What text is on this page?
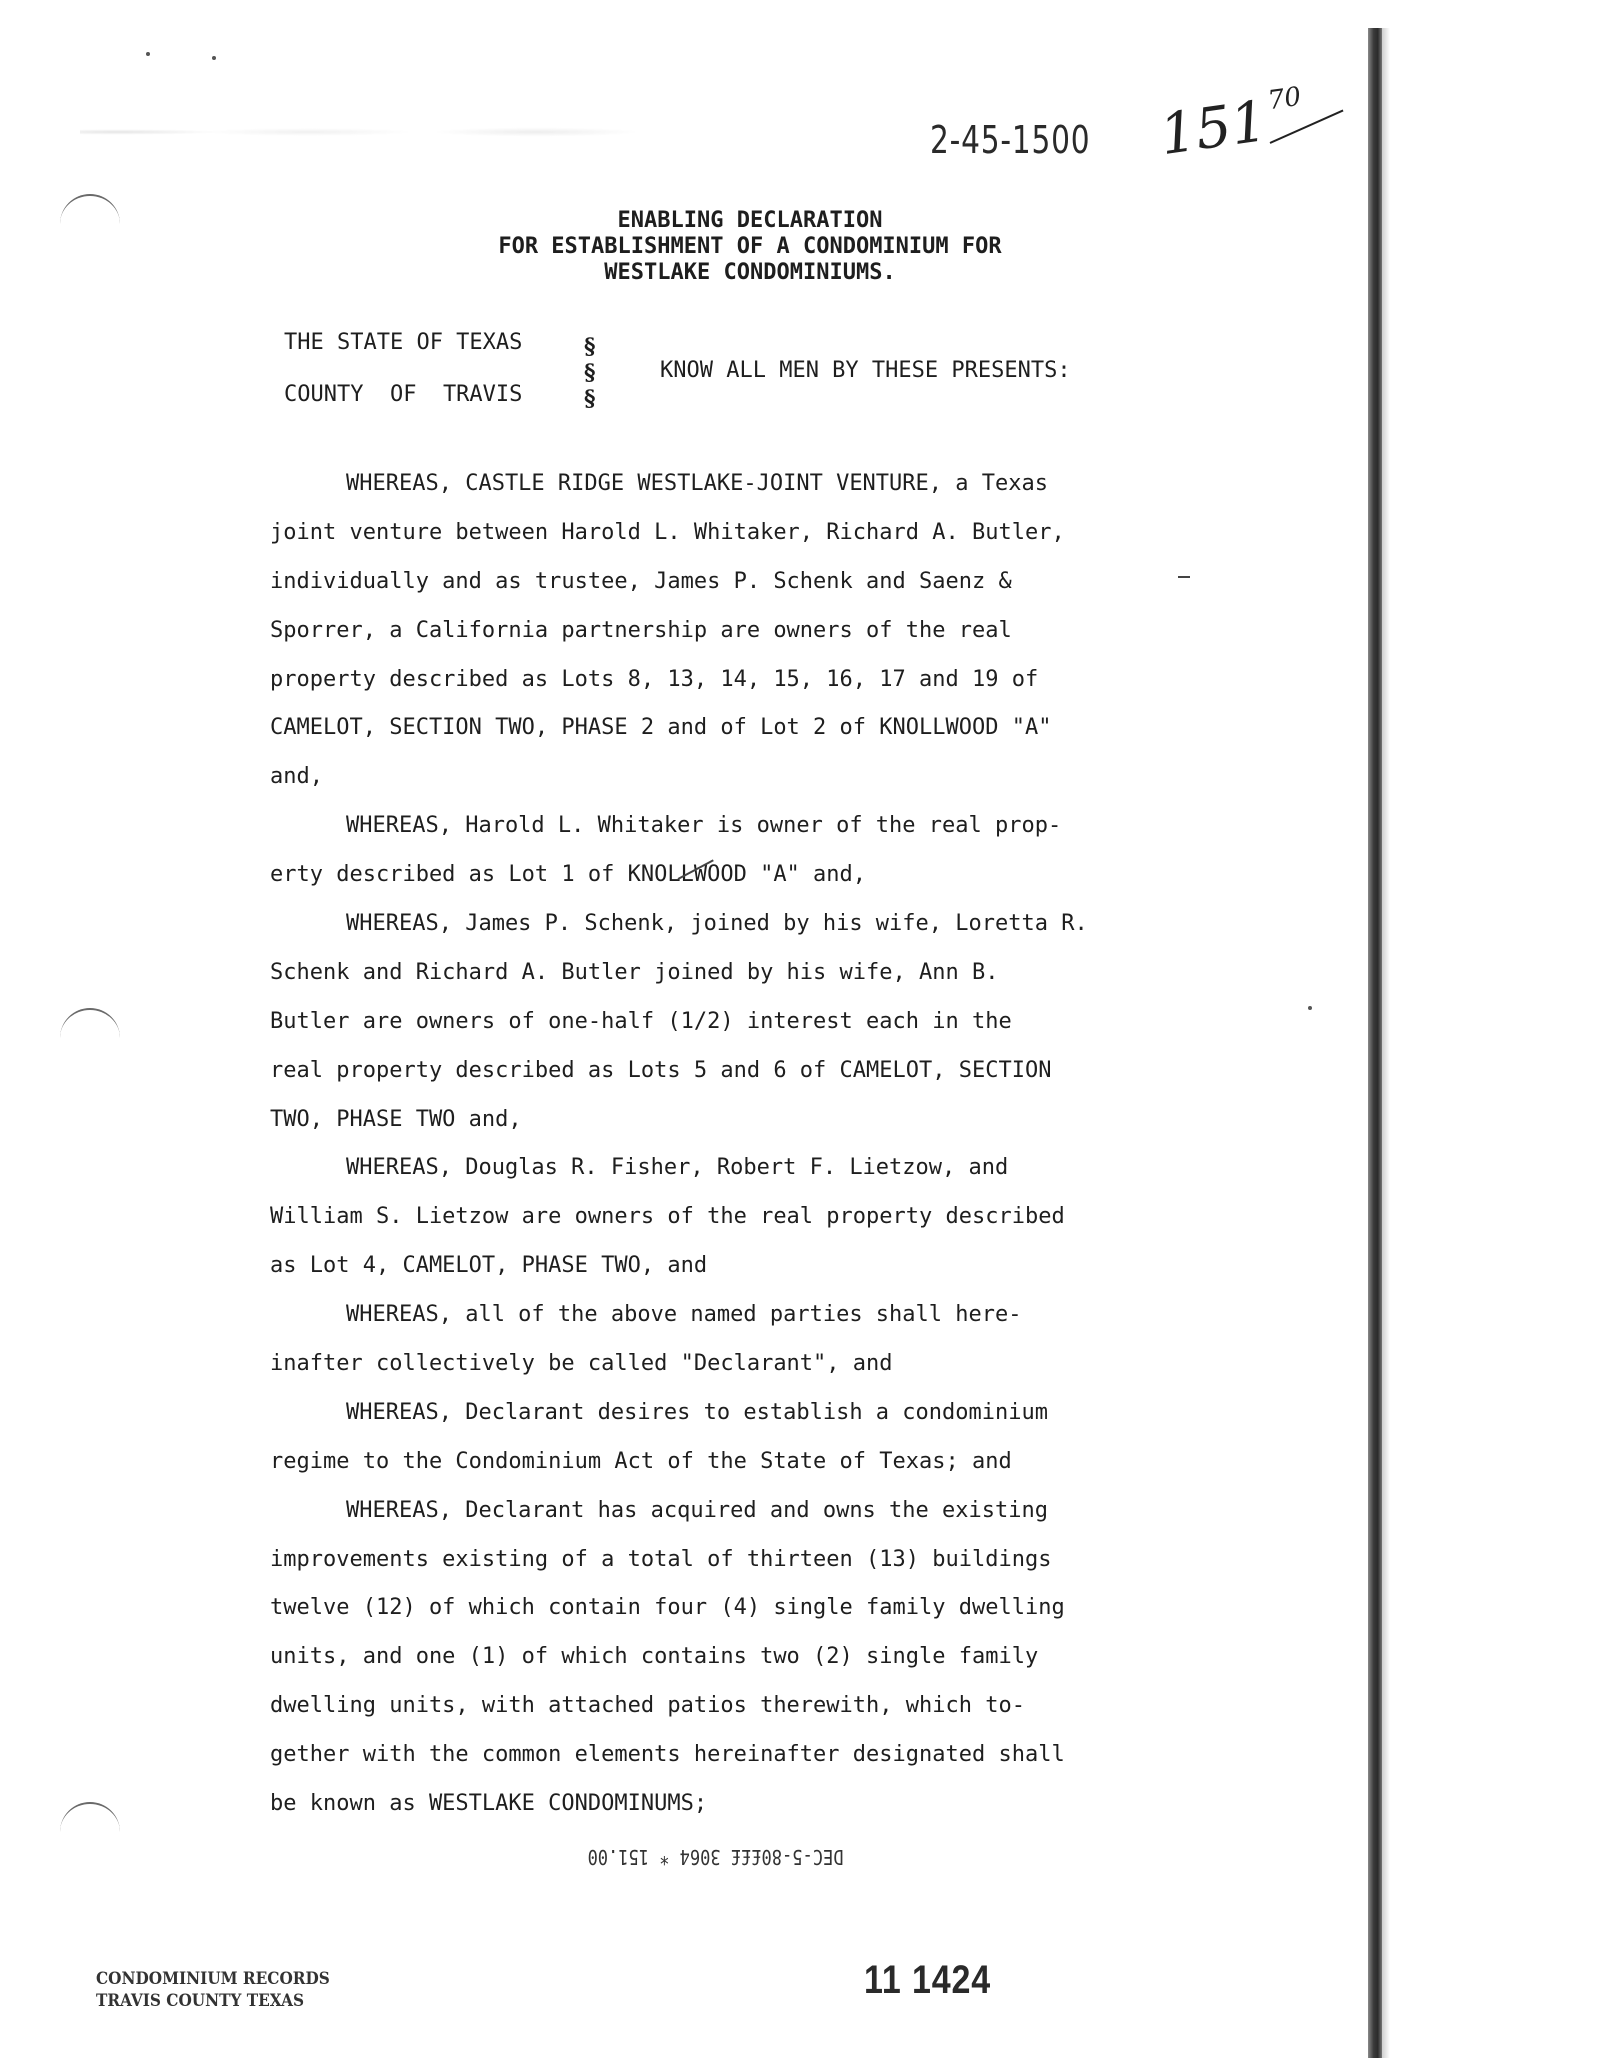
2-45-1500 151
70
ENABLING DECLARATION
FOR ESTABLISHMENT OF A CONDOMINIUM FOR
WESTLAKE CONDOMINIUMS.
THE STATE OF TEXAS
COUNTY  OF  TRAVIS
§
§
§
KNOW ALL MEN BY THESE PRESENTS:
WHEREAS, CASTLE RIDGE WESTLAKE-JOINT VENTURE, a Texas
joint venture between Harold L. Whitaker, Richard A. Butler,
individually and as trustee, James P. Schenk and Saenz &
Sporrer, a California partnership are owners of the real
property described as Lots 8, 13, 14, 15, 16, 17 and 19 of
CAMELOT, SECTION TWO, PHASE 2 and of Lot 2 of KNOLLWOOD "A"
and,
WHEREAS, Harold L. Whitaker is owner of the real prop-
erty described as Lot 1 of KNOLLWOOD "A" and,
WHEREAS, James P. Schenk, joined by his wife, Loretta R.
Schenk and Richard A. Butler joined by his wife, Ann B.
Butler are owners of one-half (1/2) interest each in the
real property described as Lots 5 and 6 of CAMELOT, SECTION
TWO, PHASE TWO and,
WHEREAS, Douglas R. Fisher, Robert F. Lietzow, and
William S. Lietzow are owners of the real property described
as Lot 4, CAMELOT, PHASE TWO, and
WHEREAS, all of the above named parties shall here-
inafter collectively be called "Declarant", and
WHEREAS, Declarant desires to establish a condominium
regime to the Condominium Act of the State of Texas; and
WHEREAS, Declarant has acquired and owns the existing
improvements existing of a total of thirteen (13) buildings
twelve (12) of which contain four (4) single family dwelling
units, and one (1) of which contains two (2) single family
dwelling units, with attached patios therewith, which to-
gether with the common elements hereinafter designated shall
be known as WESTLAKE CONDOMINUMS;
DEC-5-80£££ 3064 * 151.00
11 1424
CONDOMINIUM RECORDS
TRAVIS COUNTY TEXAS
